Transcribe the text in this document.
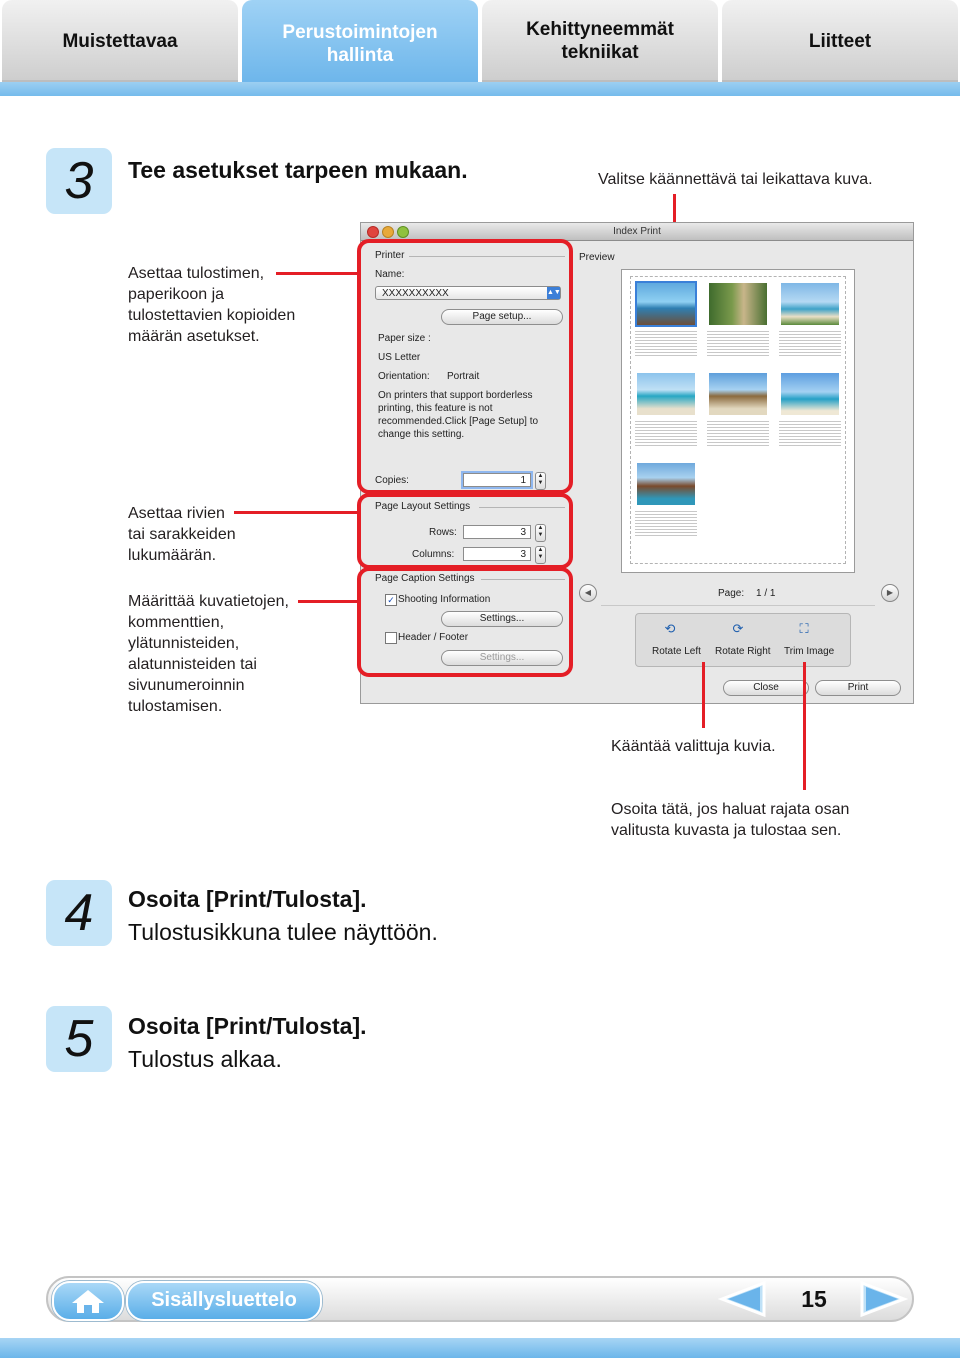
Muistettavaa	Perustoimintojen
hallinta
Kehittyneemmät
tekniikat
Liitteet
3	Tee asetukset tarpeen mukaan.	Valitse käännettävä tai leikattava kuva.
Asettaa tulostimen,
paperikoon ja
tulostettavien kopioiden
määrän asetukset.
Asettaa rivien
tai sarakkeiden
lukumäärän.
Määrittää kuvatietojen,
kommenttien,
ylätunnisteiden,
alatunnisteiden tai
sivunumeroinnin
tulostamisen.
Index Print
Printer
Name:
XXXXXXXXXX	▲▼
Page setup...
Paper size :
US Letter
Orientation: Portrait
On printers that support borderless
printing, this feature is not
recommended.Click [Page Setup] to
change this setting.
Copies:	1	▲
▼
Page Layout Settings
Rows:	3	▲
▼
Columns:	3	▲
▼
Page Caption Settings
✓ Shooting Information
Settings...
Header / Footer
Settings...
Preview
◀	▶
Page: 1 / 1
⟲
Rotate Left
⟳
Rotate Right
⛶
Trim Image
Close	Print
Kääntää valittuja kuvia.
Osoita tätä, jos haluat rajata osan
valitusta kuvasta ja tulostaa sen.
4	Osoita [Print/Tulosta].
Tulostusikkuna tulee näyttöön.
5	Osoita [Print/Tulosta].
Tulostus alkaa.
Sisällysluettelo	15
